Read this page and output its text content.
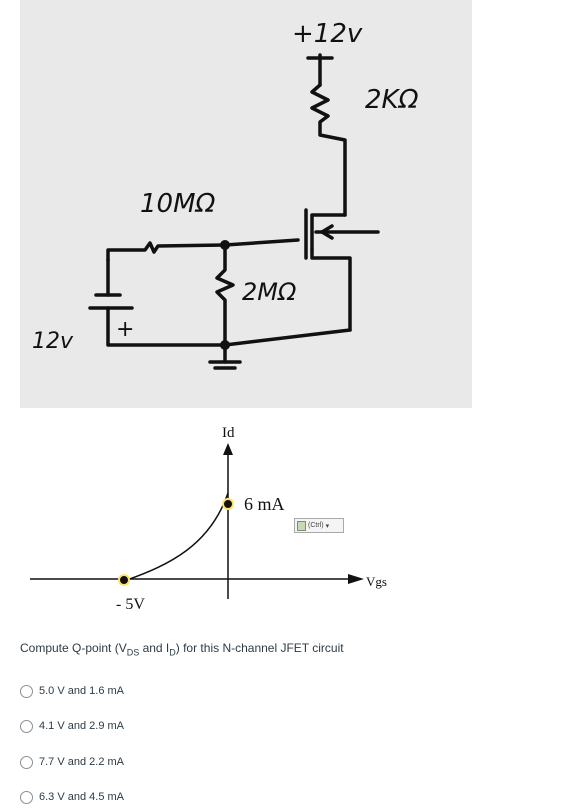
+12v
2KΩ
10MΩ
2MΩ
12v +
Id
Vgs
6 mA
- 5V
(Ctrl) ▾
Compute Q-point ($V_{DS}$ and $I_D$) for this N-channel JFET circuit
5.0 V and 1.6 mA
4.1 V and 2.9 mA
7.7 V and 2.2 mA
6.3 V and 4.5 mA
